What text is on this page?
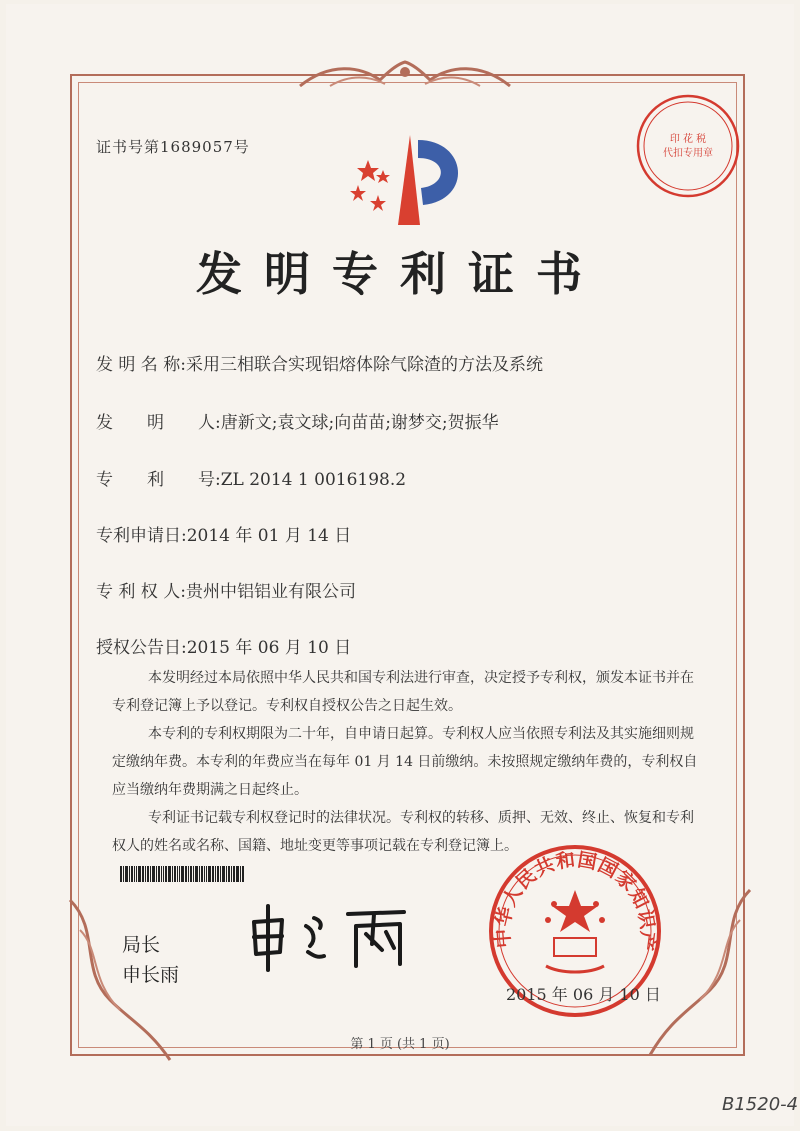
证书号第1689057号	印 花 税
代扣专用章
发明专利证书
发 明 名 称:采用三相联合实现铝熔体除气除渣的方法及系统
发　　明　　人:唐新文;袁文球;向苗苗;谢梦交;贺振华
专　　利　　号:ZL 2014 1 0016198.2
专利申请日:2014 年 01 月 14 日
专 利 权 人:贵州中铝铝业有限公司
授权公告日:2015 年 06 月 10 日
本发明经过本局依照中华人民共和国专利法进行审查，决定授予专利权，颁发本证书并在专利登记簿上予以登记。专利权自授权公告之日起生效。
本专利的专利权期限为二十年，自申请日起算。专利权人应当依照专利法及其实施细则规定缴纳年费。本专利的年费应当在每年 01 月 14 日前缴纳。未按照规定缴纳年费的，专利权自应当缴纳年费期满之日起终止。
专利证书记载专利权登记时的法律状况。专利权的转移、质押、无效、终止、恢复和专利权人的姓名或名称、国籍、地址变更等事项记载在专利登记簿上。
局长
申长雨
中华人民共和国国家知识产
2015 年 06 月 10 日
第 1 页 (共 1 页)
B1520-4
